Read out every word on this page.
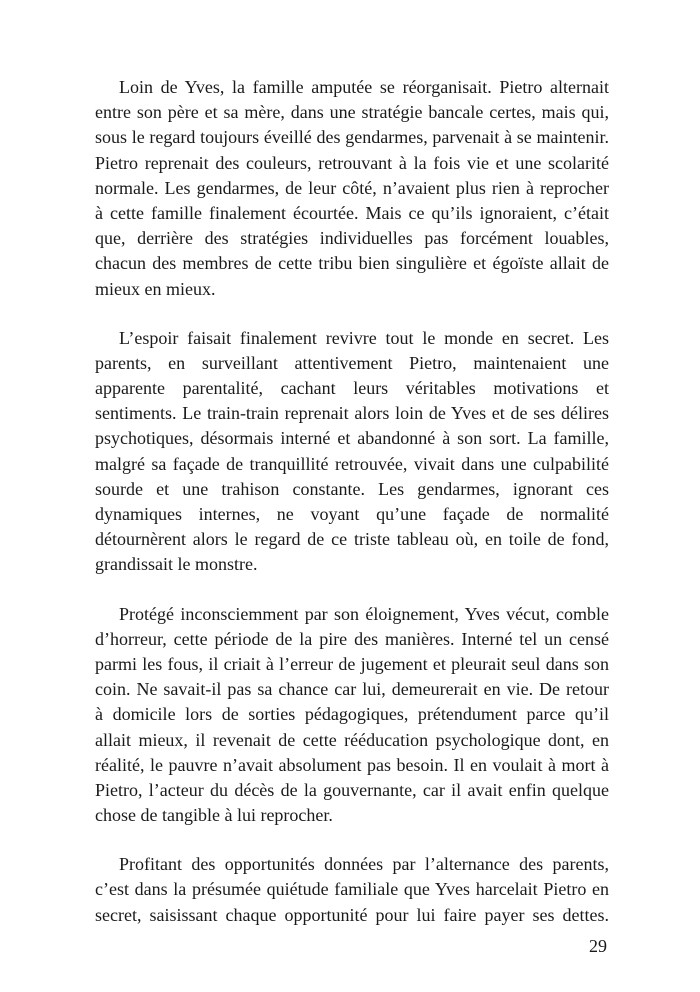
Loin de Yves, la famille amputée se réorganisait. Pietro alternait
entre son père et sa mère, dans une stratégie bancale certes, mais qui,
sous le regard toujours éveillé des gendarmes, parvenait à se maintenir.
Pietro reprenait des couleurs, retrouvant à la fois vie et une scolarité
normale. Les gendarmes, de leur côté, n’avaient plus rien à reprocher
à cette famille finalement écourtée. Mais ce qu’ils ignoraient, c’était
que, derrière des stratégies individuelles pas forcément louables,
chacun des membres de cette tribu bien singulière et égoïste allait de
mieux en mieux.
L’espoir faisait finalement revivre tout le monde en secret. Les
parents, en surveillant attentivement Pietro, maintenaient une
apparente parentalité, cachant leurs véritables motivations et
sentiments. Le train-train reprenait alors loin de Yves et de ses délires
psychotiques, désormais interné et abandonné à son sort. La famille,
malgré sa façade de tranquillité retrouvée, vivait dans une culpabilité
sourde et une trahison constante. Les gendarmes, ignorant ces
dynamiques internes, ne voyant qu’une façade de normalité
détournèrent alors le regard de ce triste tableau où, en toile de fond,
grandissait le monstre.
Protégé inconsciemment par son éloignement, Yves vécut, comble
d’horreur, cette période de la pire des manières. Interné tel un censé
parmi les fous, il criait à l’erreur de jugement et pleurait seul dans son
coin. Ne savait-il pas sa chance car lui, demeurerait en vie. De retour
à domicile lors de sorties pédagogiques, prétendument parce qu’il
allait mieux, il revenait de cette rééducation psychologique dont, en
réalité, le pauvre n’avait absolument pas besoin. Il en voulait à mort à
Pietro, l’acteur du décès de la gouvernante, car il avait enfin quelque
chose de tangible à lui reprocher.
Profitant des opportunités données par l’alternance des parents,
c’est dans la présumée quiétude familiale que Yves harcelait Pietro en
secret, saisissant chaque opportunité pour lui faire payer ses dettes.
29
